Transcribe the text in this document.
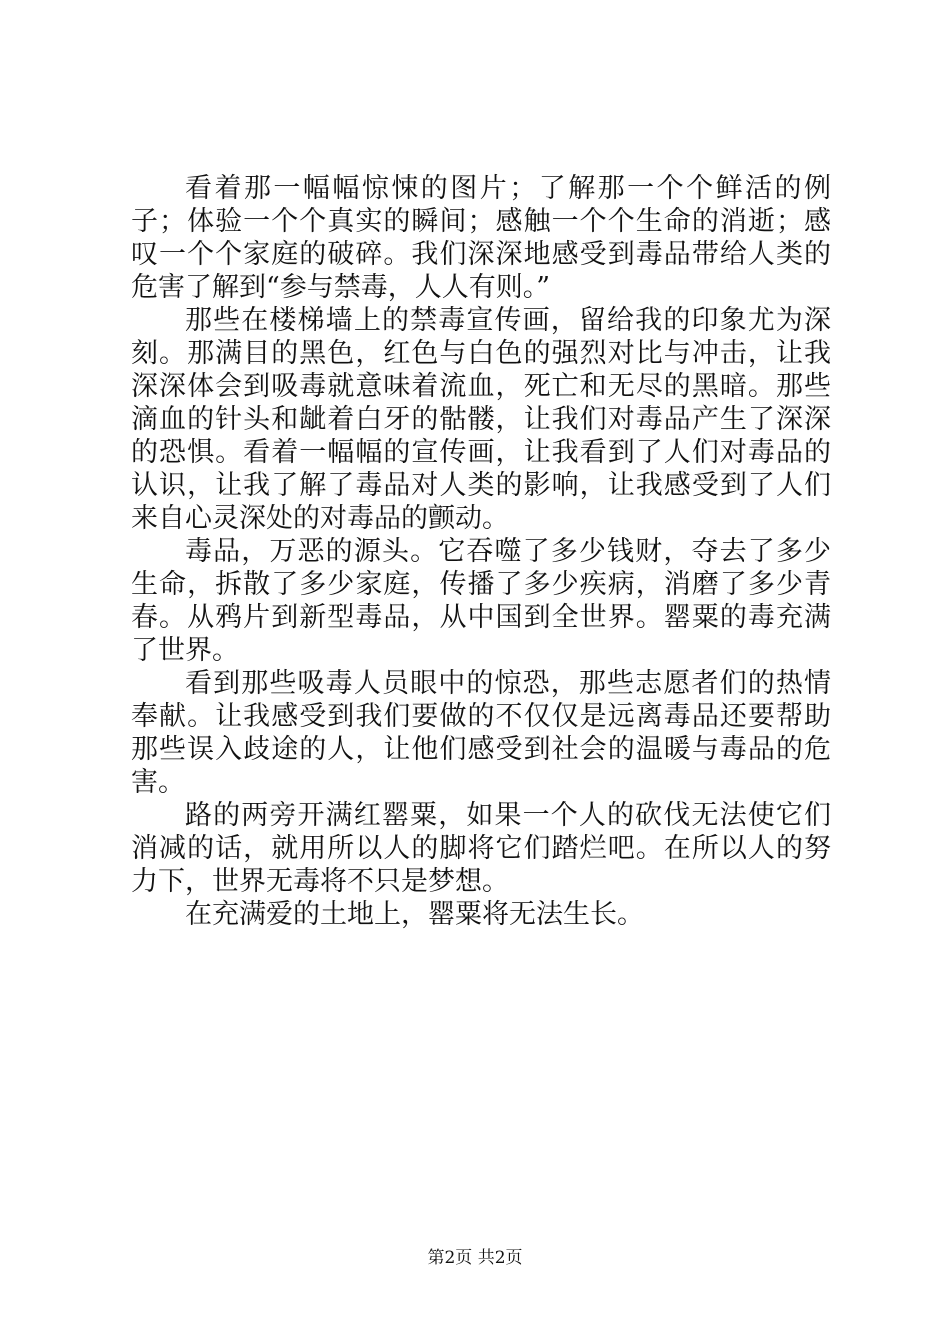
看着那一幅幅惊悚的图片；了解那一个个鲜活的例子；体验一个个真实的瞬间；感触一个个生命的消逝；感叹一个个家庭的破碎。我们深深地感受到毒品带给人类的危害了解到“参与禁毒，人人有则。”

那些在楼梯墙上的禁毒宣传画，留给我的印象尤为深刻。那满目的黑色，红色与白色的强烈对比与冲击，让我深深体会到吸毒就意味着流血，死亡和无尽的黑暗。那些滴血的针头和龇着白牙的骷髅，让我们对毒品产生了深深的恐惧。看着一幅幅的宣传画，让我看到了人们对毒品的认识，让我了解了毒品对人类的影响，让我感受到了人们来自心灵深处的对毒品的颤动。

毒品，万恶的源头。它吞噬了多少钱财，夺去了多少生命，拆散了多少家庭，传播了多少疾病，消磨了多少青春。从鸦片到新型毒品，从中国到全世界。罂粟的毒充满了世界。

看到那些吸毒人员眼中的惊恐，那些志愿者们的热情奉献。让我感受到我们要做的不仅仅是远离毒品还要帮助那些误入歧途的人，让他们感受到社会的温暖与毒品的危害。

路的两旁开满红罂粟，如果一个人的砍伐无法使它们消减的话，就用所以人的脚将它们踏烂吧。在所以人的努力下，世界无毒将不只是梦想。

在充满爱的土地上，罂粟将无法生长。

第2页 共2页
